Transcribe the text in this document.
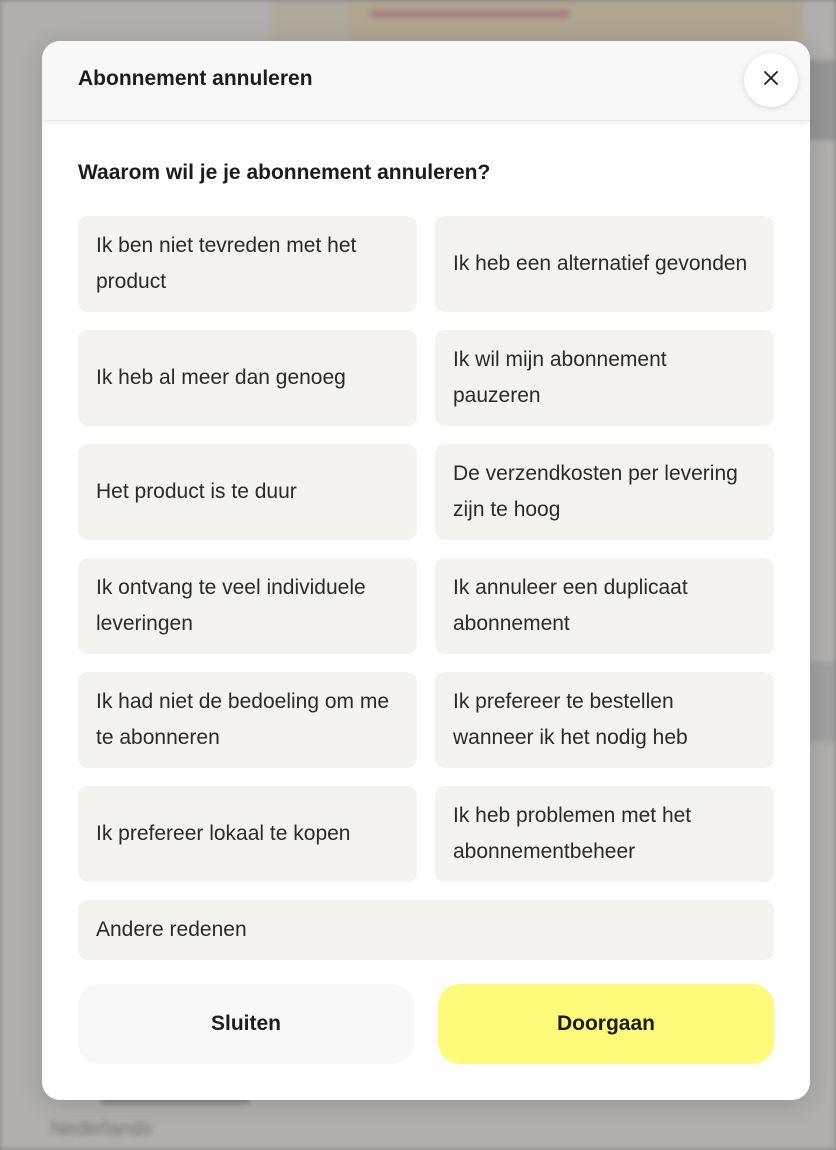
Abonnement annuleren
Waarom wil je je abonnement annuleren?
Ik ben niet tevreden met het product
Ik heb een alternatief gevonden
Ik heb al meer dan genoeg
Ik wil mijn abonnement pauzeren
Het product is te duur
De verzendkosten per levering zijn te hoog
Ik ontvang te veel individuele leveringen
Ik annuleer een duplicaat abonnement
Ik had niet de bedoeling om me te abonneren
Ik prefereer te bestellen wanneer ik het nodig heb
Ik prefereer lokaal te kopen
Ik heb problemen met het abonnementbeheer
Andere redenen
Sluiten	Doorgaan
